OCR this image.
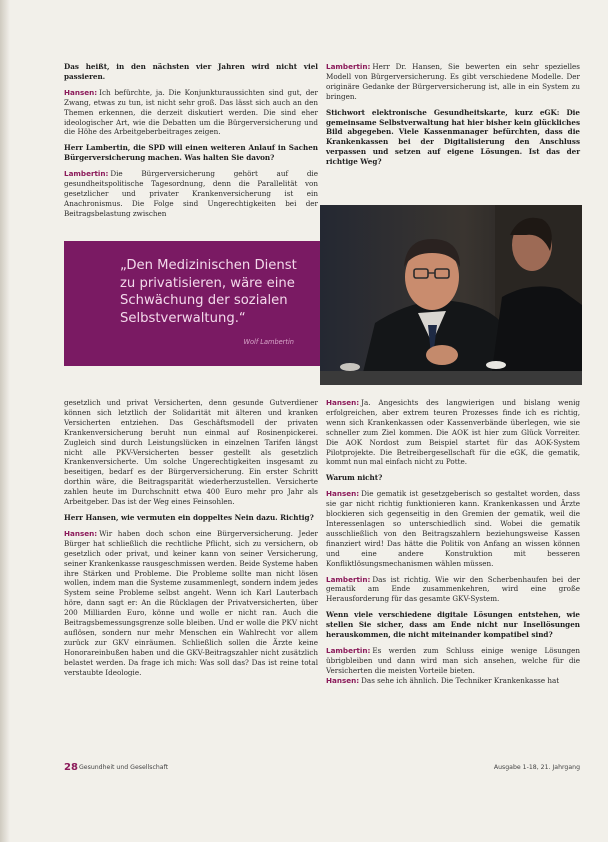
Das heißt, in den nächsten vier Jahren wird nicht viel passieren.

Hansen: Ich befürchte, ja. Die Konjunkturaussichten sind gut, der Zwang, etwas zu tun, ist nicht sehr groß. Das lässt sich auch an den Themen erkennen, die derzeit diskutiert werden. Die sind eher ideologischer Art, wie die Debatten um die Bürgerversicherung und die Höhe des Arbeitgeberbeitrages zeigen.

Herr Lambertin, die SPD will einen weiteren Anlauf in Sachen Bürgerversicherung machen. Was halten Sie davon?

Lambertin: Die Bürgerversicherung gehört auf die gesundheitspolitische Tagesordnung, denn die Parallelität von gesetzlicher und privater Krankenversicherung ist ein Anachronismus. Die Folge sind Ungerechtigkeiten bei der Beitragsbelastung zwischen

Lambertin: Herr Dr. Hansen, Sie bewerten ein sehr spezielles Modell von Bürgerversicherung. Es gibt verschiedene Modelle. Der originäre Gedanke der Bürgerversicherung ist, alle in ein System zu bringen.

Stichwort elektronische Gesundheitskarte, kurz eGK: Die gemeinsame Selbstverwaltung hat hier bisher kein glückliches Bild abgegeben. Viele Kassenmanager befürchten, dass die Krankenkassen bei der Digitalisierung den Anschluss verpassen und setzen auf eigene Lösungen. Ist das der richtige Weg?

„Den Medizinischen Dienst zu privatisieren, wäre eine Schwächung der sozialen Selbstverwaltung.“
Wolf Lambertin

gesetzlich und privat Versicherten, denn gesunde Gutverdiener können sich letztlich der Solidarität mit älteren und kranken Versicherten entziehen. Das Geschäftsmodell der privaten Krankenversicherung beruht nun einmal auf Rosinenpickerei. Zugleich sind durch Leistungslücken in einzelnen Tarifen längst nicht alle PKV-Versicherten besser gestellt als gesetzlich Krankenversicherte. Um solche Ungerechtigkeiten insgesamt zu beseitigen, bedarf es der Bürgerversicherung. Ein erster Schritt dorthin wäre, die Beitragsparität wiederherzustellen. Versicherte zahlen heute im Durchschnitt etwa 400 Euro mehr pro Jahr als Arbeitgeber. Das ist der Weg eines Feinsohlen.

Herr Hansen, wie vermuten ein doppeltes Nein dazu. Richtig?

Hansen: Wir haben doch schon eine Bürgerversicherung. Jeder Bürger hat schließlich die rechtliche Pflicht, sich zu versichern, ob gesetzlich oder privat, und keiner kann von seiner Versicherung, seiner Krankenkasse rausgeschmissen werden. Beide Systeme haben ihre Stärken und Probleme. Die Probleme sollte man nicht lösen wollen, indem man die Systeme zusammenlegt, sondern indem jedes System seine Probleme selbst angeht. Wenn ich Karl Lauterbach höre, dann sagt er: An die Rücklagen der Privatversicherten, über 200 Milliarden Euro, könne und wolle er nicht ran. Auch die Beitragsbemessungsgrenze solle bleiben. Und er wolle die PKV nicht auflösen, sondern nur mehr Menschen ein Wahlrecht vor allem zurück zur GKV einräumen. Schließlich sollen die Ärzte keine Honorareinbußen haben und die GKV-Beitragszahler nicht zusätzlich belastet werden. Da frage ich mich: Was soll das? Das ist reine total verstaubte Ideologie.

Hansen: Ja. Angesichts des langwierigen und bislang wenig erfolgreichen, aber extrem teuren Prozesses finde ich es richtig, wenn sich Krankenkassen oder Kassenverbände überlegen, wie sie schneller zum Ziel kommen. Die AOK ist hier zum Glück Vorreiter. Die AOK Nordost zum Beispiel startet für das AOK-System Pilotprojekte. Die Betreibergesellschaft für die eGK, die gematik, kommt nun mal einfach nicht zu Potte.

Warum nicht?

Hansen: Die gematik ist gesetzgeberisch so gestaltet worden, dass sie gar nicht richtig funktionieren kann. Krankenkassen und Ärzte blockieren sich gegenseitig in den Gremien der gematik, weil die Interessenlagen so unterschiedlich sind. Wobei die gematik ausschließlich von den Beitragszahlern beziehungsweise Kassen finanziert wird! Das hätte die Politik von Anfang an wissen können und eine andere Konstruktion mit besseren Konfliktlösungsmechanismen wählen müssen.

Lambertin: Das ist richtig. Wie wir den Scherbenhaufen bei der gematik am Ende zusammenkehren, wird eine große Herausforderung für das gesamte GKV-System.

Wenn viele verschiedene digitale Lösungen entstehen, wie stellen Sie sicher, dass am Ende nicht nur Insellösungen herauskommen, die nicht miteinander kompatibel sind?

Lambertin: Es werden zum Schluss einige wenige Lösungen übrigbleiben und dann wird man sich ansehen, welche für die Versicherten die meisten Vorteile bieten.

Hansen: Das sehe ich ähnlich. Die Techniker Krankenkasse hat

28 Gesundheit und Gesellschaft	Ausgabe 1-18, 21. Jahrgang
